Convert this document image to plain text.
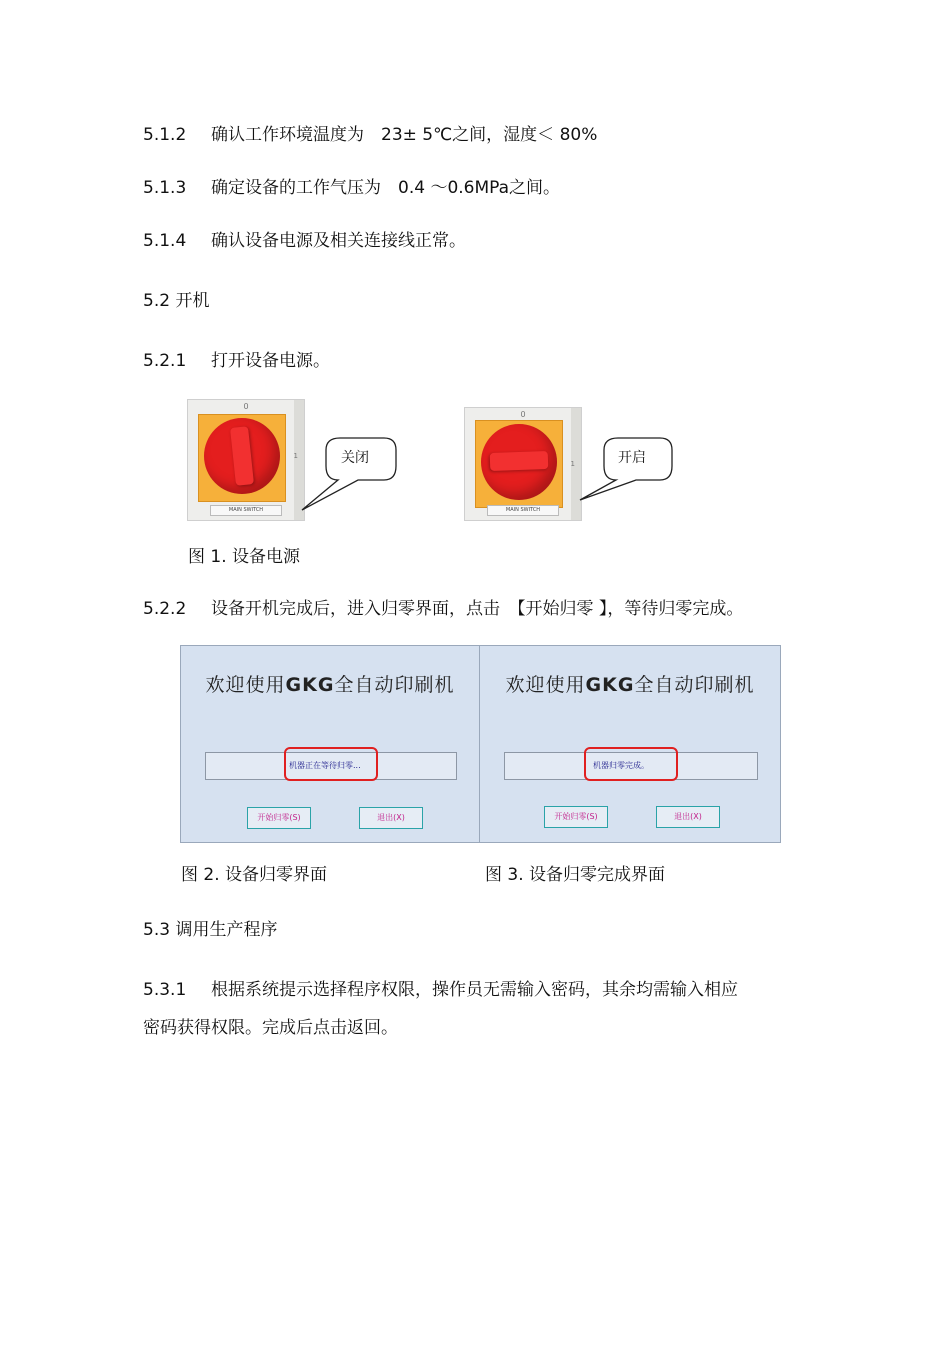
5.1.2 确认工作环境温度为　23± 5℃之间，湿度＜ 80%
5.1.3 确定设备的工作气压为　0.4 ～0.6MPa之间。
5.1.4 确认设备电源及相关连接线正常。
5.2 开机
5.2.1 打开设备电源。
0
1
MAIN SWITCH
关闭
0
1
MAIN SWITCH
开启
图 1. 设备电源
5.2.2 设备开机完成后，进入归零界面，点击　【开始归零 】，等待归零完成。
欢迎使用GKG全自动印刷机
机器正在等待归零...
开始归零(S)	退出(X)
欢迎使用GKG全自动印刷机
机器归零完成。
开始归零(S)	退出(X)
图 2. 设备归零界面	图 3. 设备归零完成界面
5.3 调用生产程序
5.3.1 根据系统提示选择程序权限，操作员无需输入密码，其余均需输入相应
密码获得权限。完成后点击返回。
